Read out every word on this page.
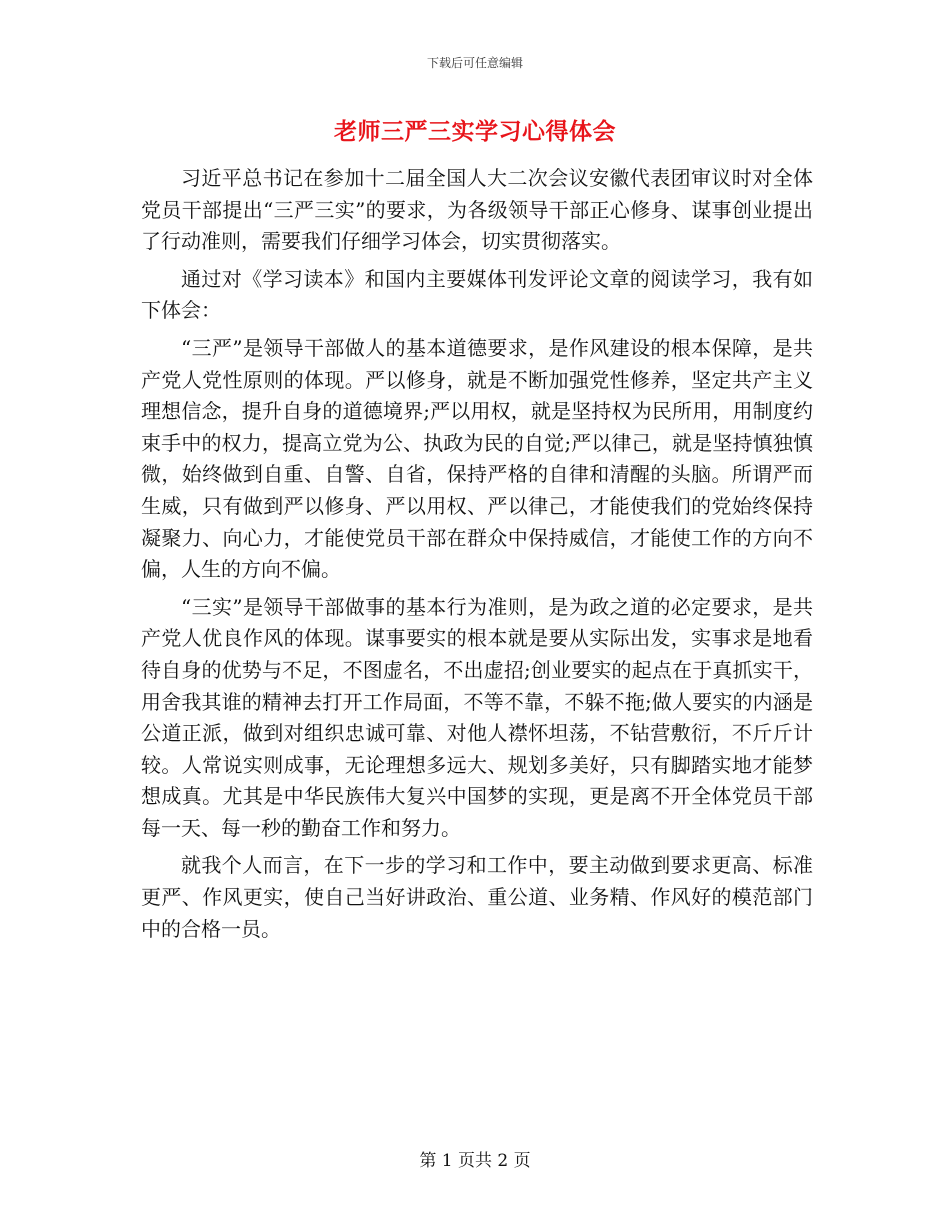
下载后可任意编辑
老师三严三实学习心得体会

习近平总书记在参加十二届全国人大二次会议安徽代表团审议时对全体党员干部提出“三严三实”的要求，为各级领导干部正心修身、谋事创业提出了行动准则，需要我们仔细学习体会，切实贯彻落实。

通过对《学习读本》和国内主要媒体刊发评论文章的阅读学习，我有如下体会：

“三严”是领导干部做人的基本道德要求，是作风建设的根本保障，是共产党人党性原则的体现。严以修身，就是不断加强党性修养，坚定共产主义理想信念，提升自身的道德境界;严以用权，就是坚持权为民所用，用制度约束手中的权力，提高立党为公、执政为民的自觉;严以律己，就是坚持慎独慎微，始终做到自重、自警、自省，保持严格的自律和清醒的头脑。所谓严而生威，只有做到严以修身、严以用权、严以律己，才能使我们的党始终保持凝聚力、向心力，才能使党员干部在群众中保持威信，才能使工作的方向不偏，人生的方向不偏。

“三实”是领导干部做事的基本行为准则，是为政之道的必定要求，是共产党人优良作风的体现。谋事要实的根本就是要从实际出发，实事求是地看待自身的优势与不足，不图虚名，不出虚招;创业要实的起点在于真抓实干，用舍我其谁的精神去打开工作局面，不等不靠，不躲不拖;做人要实的内涵是公道正派，做到对组织忠诚可靠、对他人襟怀坦荡，不钻营敷衍，不斤斤计较。人常说实则成事，无论理想多远大、规划多美好，只有脚踏实地才能梦想成真。尤其是中华民族伟大复兴中国梦的实现，更是离不开全体党员干部每一天、每一秒的勤奋工作和努力。

就我个人而言，在下一步的学习和工作中，要主动做到要求更高、标准更严、作风更实，使自己当好讲政治、重公道、业务精、作风好的模范部门中的合格一员。

第 1 页共 2 页
